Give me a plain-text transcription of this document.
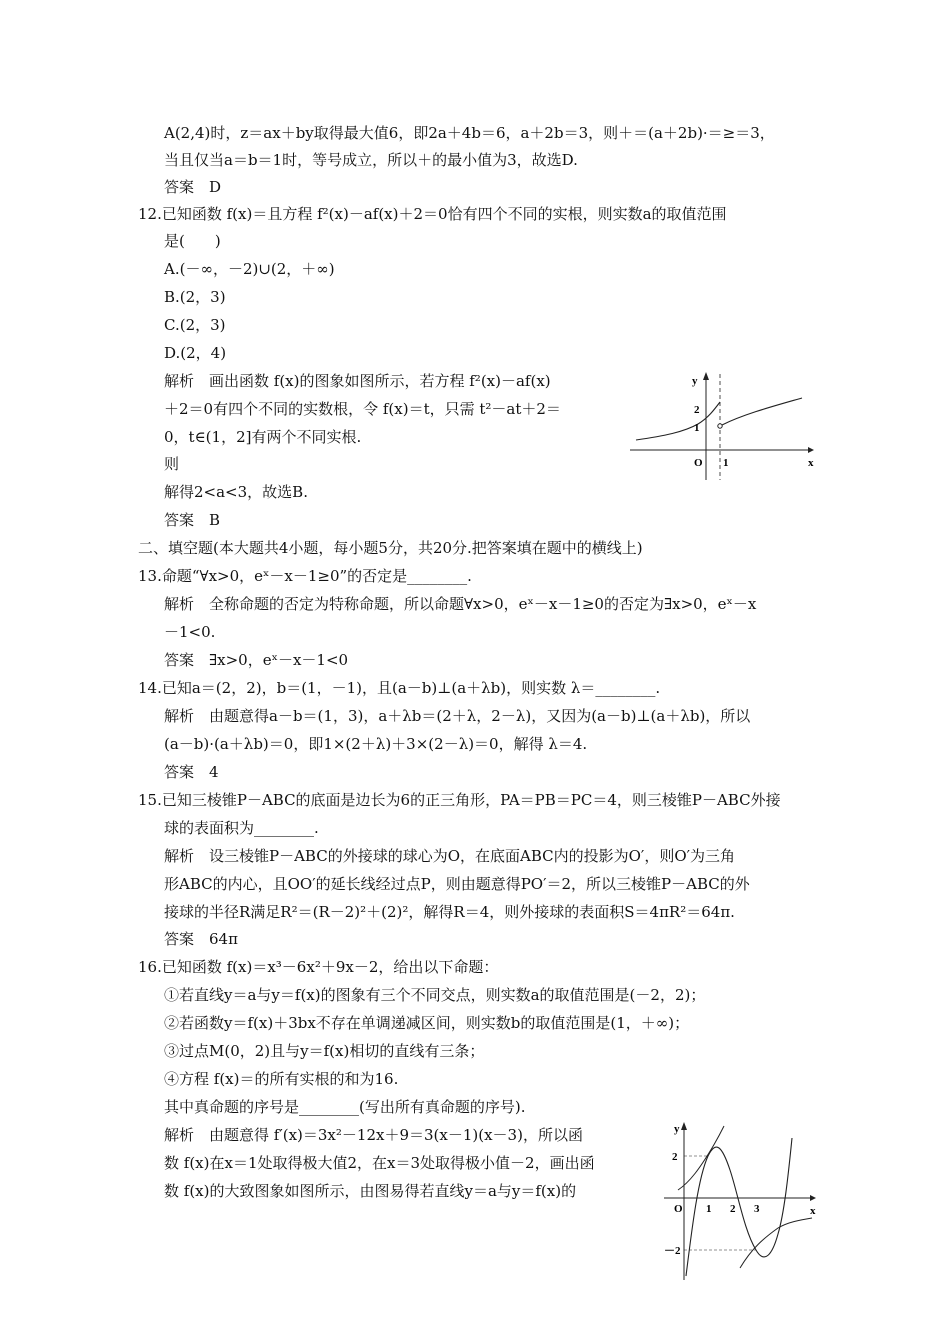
A(2,4)时，z＝ax＋by取得最大值6，即2a＋4b＝6，a＋2b＝3，则＋＝(a＋2b)·＝≥＝3，
当且仅当a＝b＝1时，等号成立，所以＋的最小值为3，故选D.
答案　D
12.已知函数 f(x)＝且方程 f²(x)－af(x)＋2＝0恰有四个不同的实根，则实数a的取值范围
是(　　)
A.(－∞，－2)∪(2，＋∞)
B.(2，3)
C.(2，3)
D.(2，4)
解析　画出函数 f(x)的图象如图所示，若方程 f²(x)－af(x)
＋2＝0有四个不同的实数根，令 f(x)＝t，只需 t²－at＋2＝
0，t∈(1，2]有两个不同实根.
则
解得2<a<3，故选B.
答案　B
二、填空题(本大题共4小题，每小题5分，共20分.把答案填在题中的横线上)
13.命题“∀x>0，eˣ－x－1≥0”的否定是________.
解析　全称命题的否定为特称命题，所以命题∀x>0，eˣ－x－1≥0的否定为∃x>0，eˣ－x
－1<0.
答案　∃x>0，eˣ－x－1<0
14.已知a＝(2，2)，b＝(1，－1)，且(a－b)⊥(a＋λb)，则实数 λ＝________.
解析　由题意得a－b＝(1，3)，a＋λb＝(2＋λ，2－λ)，又因为(a－b)⊥(a＋λb)，所以
(a－b)·(a＋λb)＝0，即1×(2＋λ)＋3×(2－λ)＝0，解得 λ＝4.
答案　4
15.已知三棱锥P－ABC的底面是边长为6的正三角形，PA＝PB＝PC＝4，则三棱锥P－ABC外接
球的表面积为________.
解析　设三棱锥P－ABC的外接球的球心为O，在底面ABC内的投影为O′，则O′为三角
形ABC的内心，且OO′的延长线经过点P，则由题意得PO′＝2，所以三棱锥P－ABC的外
接球的半径R满足R²＝(R－2)²＋(2)²，解得R＝4，则外接球的表面积S＝4πR²＝64π.
答案　64π
16.已知函数 f(x)＝x³－6x²＋9x－2，给出以下命题：
①若直线y＝a与y＝f(x)的图象有三个不同交点，则实数a的取值范围是(－2，2)；
②若函数y＝f(x)＋3bx不存在单调递减区间，则实数b的取值范围是(1，＋∞)；
③过点M(0，2)且与y＝f(x)相切的直线有三条；
④方程 f(x)＝的所有实根的和为16.
其中真命题的序号是________(写出所有真命题的序号).
解析　由题意得 f′(x)＝3x²－12x＋9＝3(x－1)(x－3)，所以函
数 f(x)在x＝1处取得极大值2，在x＝3处取得极小值－2，画出函
数 f(x)的大致图象如图所示，由图易得若直线y＝a与y＝f(x)的
y
x
O
1
2
1
y
x
O
2
－2
1 2 3
